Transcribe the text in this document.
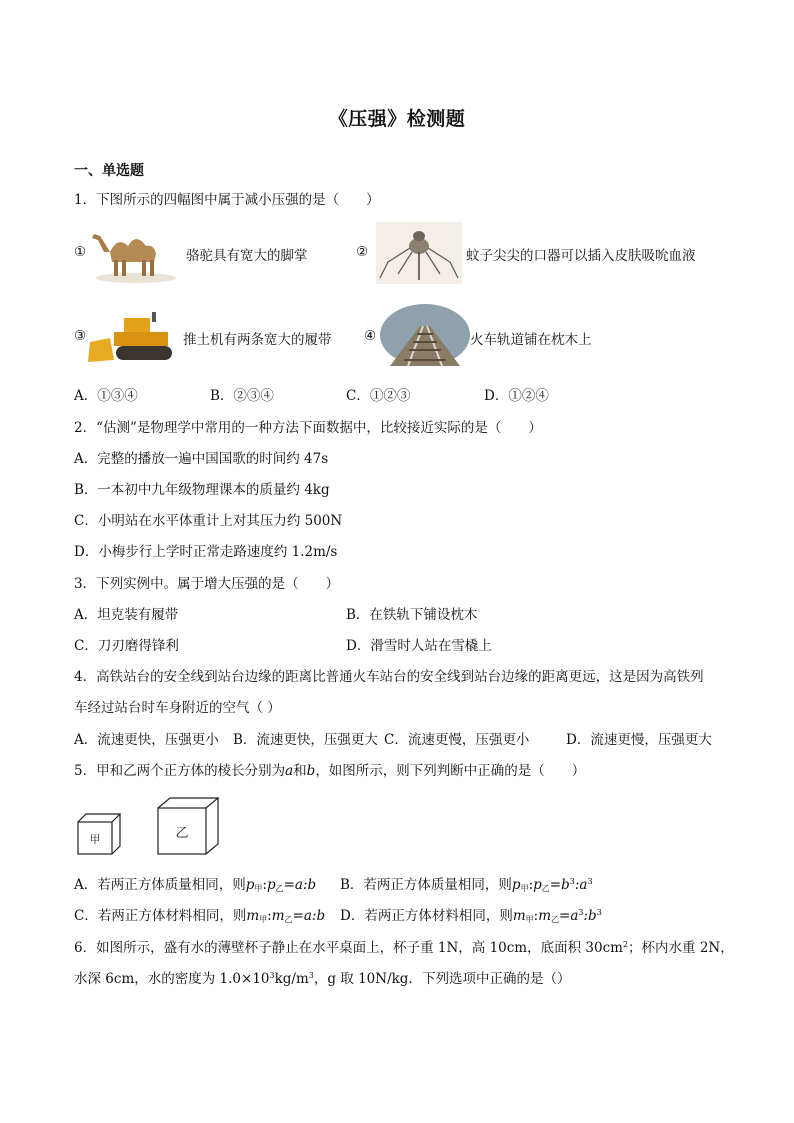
《压强》检测题
一、单选题
1．下图所示的四幅图中属于减小压强的是（　　）
①	骆驼具有宽大的脚掌	②	蚊子尖尖的口器可以插入皮肤吸吮血液
③	推土机有两条宽大的履带 ④	火车轨道铺在枕木上
A．①③④	B．②③④	C．①②③	D．①②④
2．“估测”是物理学中常用的一种方法下面数据中，比较接近实际的是（　　）
A．完整的播放一遍中国国歌的时间约 47s
B．一本初中九年级物理课本的质量约 4kg
C．小明站在水平体重计上对其压力约 500N
D．小梅步行上学时正常走路速度约 1.2m/s
3．下列实例中。属于增大压强的是（　　）
A．坦克装有履带	B．在铁轨下铺设枕木
C．刀刃磨得锋利	D．滑雪时人站在雪橇上
4．高铁站台的安全线到站台边缘的距离比普通火车站台的安全线到站台边缘的距离更远，这是因为高铁列
车经过站台时车身附近的空气（ ）
A．流速更快，压强更小 B．流速更快，压强更大 C．流速更慢，压强更小	D．流速更慢，压强更大
5．甲和乙两个正方体的棱长分别为a和b，如图所示，则下列判断中正确的是（　　）
甲	乙
A．若两正方体质量相同，则$p_甲:p_乙=a:b$ B．若两正方体质量相同，则$p_甲:p_乙=b^3:a^3$
C．若两正方体材料相同，则$m_甲:m_乙=a:b$ D．若两正方体材料相同，则$m_甲:m_乙=a^3:b^3$
6．如图所示，盛有水的薄壁杯子静止在水平桌面上，杯子重 1N，高 10cm，底面积 $30cm^2$；杯内水重 2N，
水深 6cm，水的密度为 $1.0\times 10^3kg/m^3$，g 取 10N/kg．下列选项中正确的是（）
